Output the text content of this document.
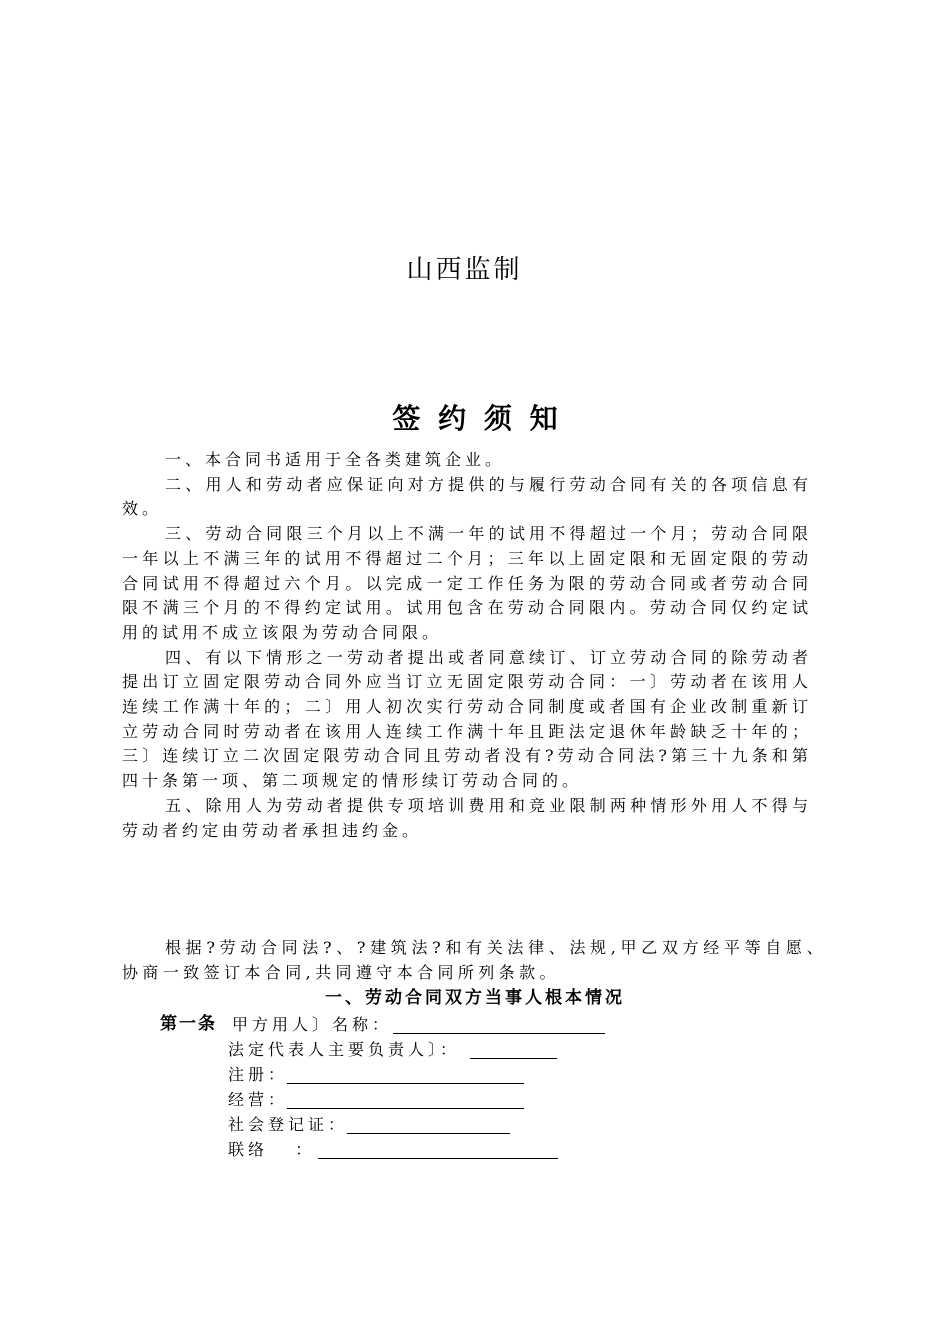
山西监制
签 约 须 知

一、本合同书适用于全各类建筑企业。

二、用人和劳动者应保证向对方提供的与履行劳动合同有关的各项信息有效。

三、劳动合同限三个月以上不满一年的试用不得超过一个月；劳动合同限一年以上不满三年的试用不得超过二个月；三年以上固定限和无固定限的劳动合同试用不得超过六个月。以完成一定工作任务为限的劳动合同或者劳动合同限不满三个月的不得约定试用。试用包含在劳动合同限内。劳动合同仅约定试用的试用不成立该限为劳动合同限。

四、有以下情形之一劳动者提出或者同意续订、订立劳动合同的除劳动者提出订立固定限劳动合同外应当订立无固定限劳动合同：一〕劳动者在该用人连续工作满十年的；二〕用人初次实行劳动合同制度或者国有企业改制重新订立劳动合同时劳动者在该用人连续工作满十年且距法定退休年龄缺乏十年的；三〕连续订立二次固定限劳动合同且劳动者没有?劳动合同法?第三十九条和第四十条第一项、第二项规定的情形续订劳动合同的。

五、除用人为劳动者提供专项培训费用和竞业限制两种情形外用人不得与劳动者约定由劳动者承担违约金。

根据?劳动合同法?、?建筑法?和有关法律、法规,甲乙双方经平等自愿、协商一致签订本合同,共同遵守本合同所列条款。

一、劳动合同双方当事人根本情况
第一条 甲方用人〕名称：
法定代表人主要负责人〕：
注册：
经营：
社会登记证：
联络   ：
